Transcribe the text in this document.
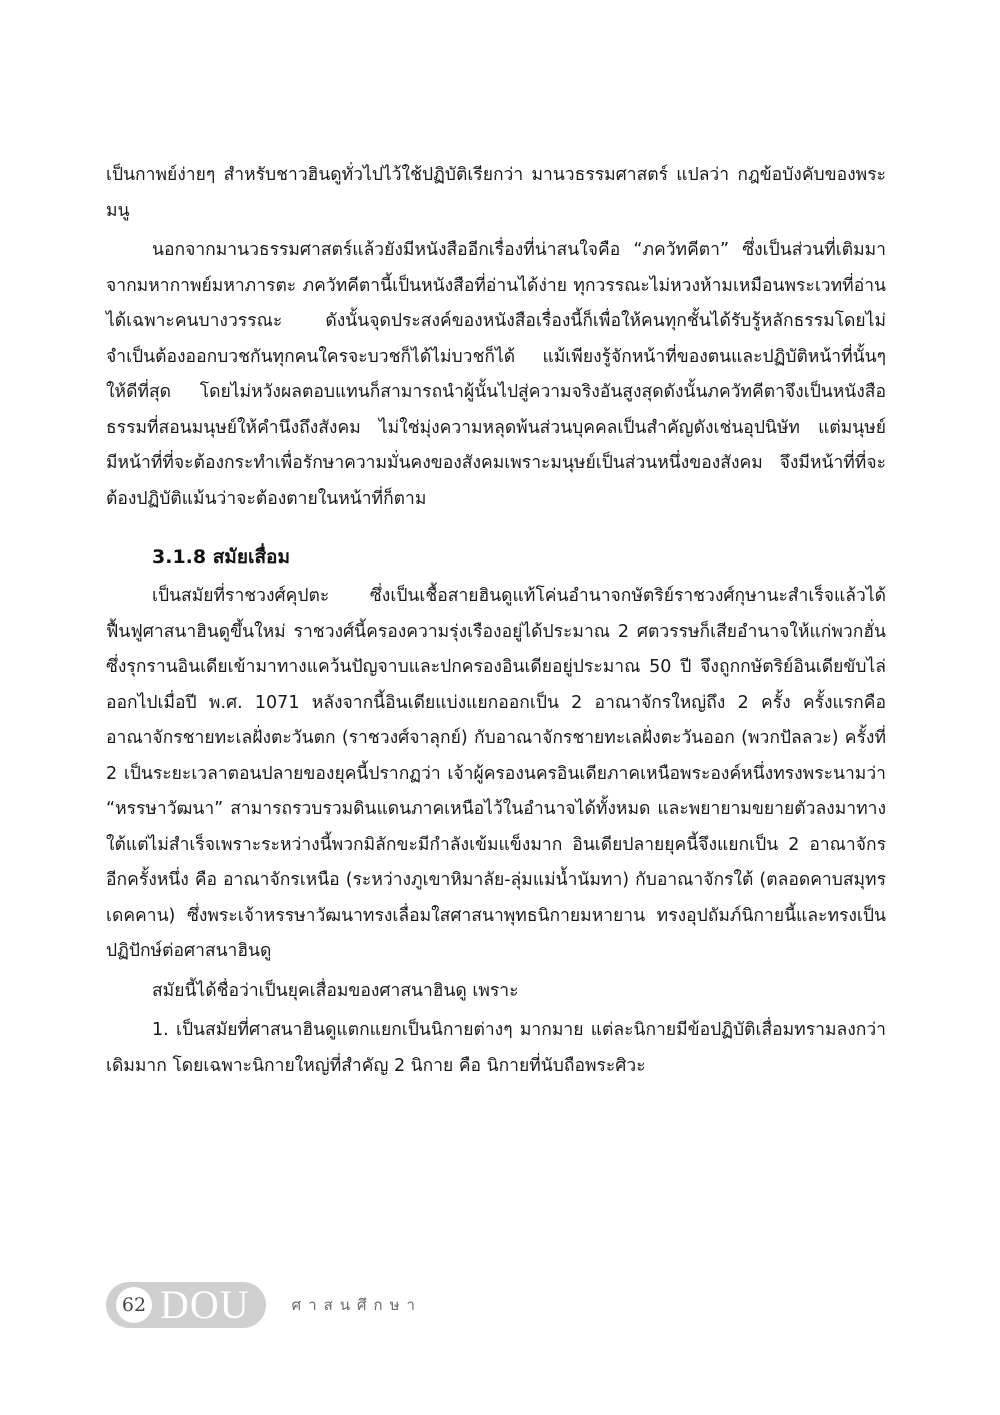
เป็นกาพย์ง่ายๆ สำหรับชาวฮินดูทั่วไปไว้ใช้ปฏิบัติเรียกว่า มานวธรรมศาสตร์ แปลว่า กฎข้อบังคับของพระมนู

นอกจากมานวธรรมศาสตร์แล้วยังมีหนังสืออีกเรื่องที่น่าสนใจคือ “ภควัทคีตา” ซึ่งเป็นส่วนที่เติมมาจากมหากาพย์มหาภารตะ ภควัทคีตานี้เป็นหนังสือที่อ่านได้ง่าย ทุกวรรณะไม่หวงห้ามเหมือนพระเวทที่อ่านได้เฉพาะคนบางวรรณะ ดังนั้นจุดประสงค์ของหนังสือเรื่องนี้ก็เพื่อให้คนทุกชั้นได้รับรู้หลักธรรมโดยไม่จำเป็นต้องออกบวชกันทุกคนใครจะบวชก็ได้ไม่บวชก็ได้ แม้เพียงรู้จักหน้าที่ของตนและปฏิบัติหน้าที่นั้นๆ ให้ดีที่สุด โดยไม่หวังผลตอบแทนก็สามารถนำผู้นั้นไปสู่ความจริงอันสูงสุดดังนั้นภควัทคีตาจึงเป็นหนังสือธรรมที่สอนมนุษย์ให้คำนึงถึงสังคม ไม่ใช่มุ่งความหลุดพ้นส่วนบุคคลเป็นสำคัญดังเช่นอุปนิษัท แต่มนุษย์มีหน้าที่ที่จะต้องกระทำเพื่อรักษาความมั่นคงของสังคมเพราะมนุษย์เป็นส่วนหนึ่งของสังคม จึงมีหน้าที่ที่จะต้องปฏิบัติแม้นว่าจะต้องตายในหน้าที่ก็ตาม

3.1.8 สมัยเสื่อม

เป็นสมัยที่ราชวงศ์คุปตะ ซึ่งเป็นเชื้อสายฮินดูแท้โค่นอำนาจกษัตริย์ราชวงศ์กุษานะสำเร็จแล้วได้ฟื้นฟูศาสนาฮินดูขึ้นใหม่ ราชวงศ์นี้ครองความรุ่งเรืองอยู่ได้ประมาณ 2 ศตวรรษก็เสียอำนาจให้แก่พวกฮั่นซึ่งรุกรานอินเดียเข้ามาทางแคว้นปัญจาบและปกครองอินเดียอยู่ประมาณ 50 ปี จึงถูกกษัตริย์อินเดียขับไล่ออกไปเมื่อปี พ.ศ. 1071 หลังจากนี้อินเดียแบ่งแยกออกเป็น 2 อาณาจักรใหญ่ถึง 2 ครั้ง ครั้งแรกคืออาณาจักรชายทะเลฝั่งตะวันตก (ราชวงศ์จาลุกย์) กับอาณาจักรชายทะเลฝั่งตะวันออก (พวกปัลลวะ) ครั้งที่ 2 เป็นระยะเวลาตอนปลายของยุคนี้ปรากฏว่า เจ้าผู้ครองนครอินเดียภาคเหนือพระองค์หนึ่งทรงพระนามว่า “หรรษาวัฒนา” สามารถรวบรวมดินแดนภาคเหนือไว้ในอำนาจได้ทั้งหมด และพยายามขยายตัวลงมาทางใต้แต่ไม่สำเร็จเพราะระหว่างนี้พวกมิลักขะมีกำลังเข้มแข็งมาก อินเดียปลายยุคนี้จึงแยกเป็น 2 อาณาจักรอีกครั้งหนึ่ง คือ อาณาจักรเหนือ (ระหว่างภูเขาหิมาลัย-ลุ่มแม่น้ำนัมทา) กับอาณาจักรใต้ (ตลอดคาบสมุทรเดคคาน) ซึ่งพระเจ้าหรรษาวัฒนาทรงเลื่อมใสศาสนาพุทธนิกายมหายาน ทรงอุปถัมภ์นิกายนี้และทรงเป็นปฏิปักษ์ต่อศาสนาฮินดู

สมัยนี้ได้ชื่อว่าเป็นยุคเสื่อมของศาสนาฮินดู เพราะ

1. เป็นสมัยที่ศาสนาฮินดูแตกแยกเป็นนิกายต่างๆ มากมาย แต่ละนิกายมีข้อปฏิบัติเสื่อมทรามลงกว่าเดิมมาก โดยเฉพาะนิกายใหญ่ที่สำคัญ 2 นิกาย คือ นิกายที่นับถือพระศิวะ

62 DOU	ศาสนศึกษา
